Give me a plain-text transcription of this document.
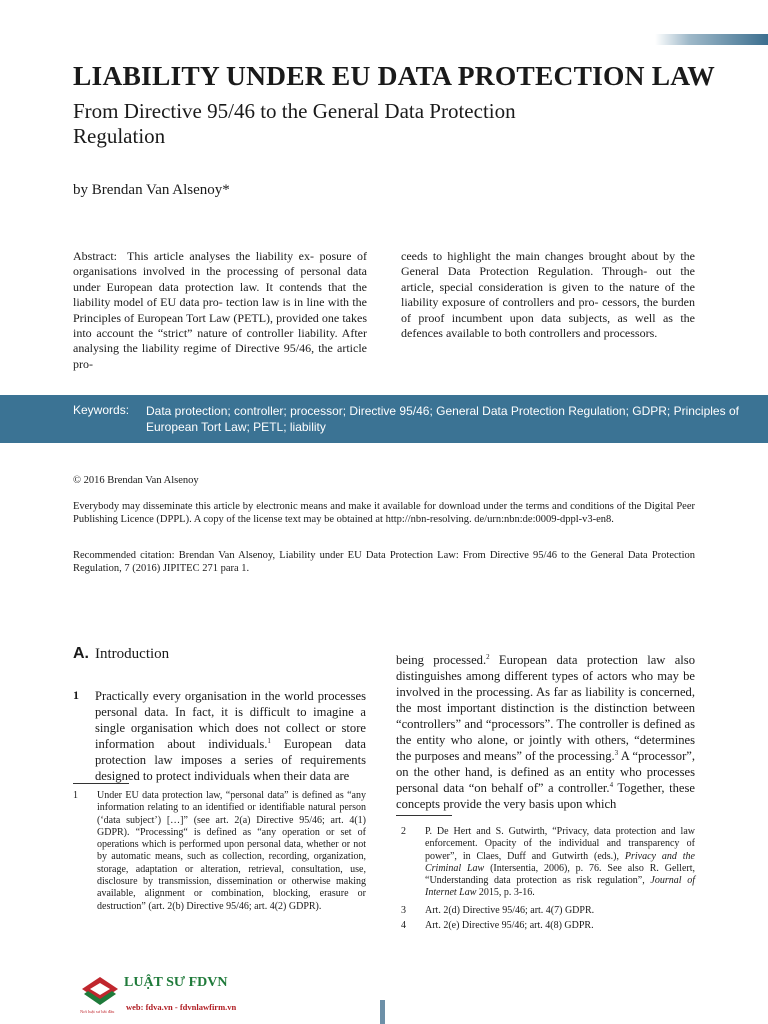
LIABILITY UNDER EU DATA PROTECTION LAW
From Directive 95/46 to the General Data Protection Regulation
by Brendan Van Alsenoy*
Abstract: This article analyses the liability ex- posure of organisations involved in the processing of personal data under European data protection law. It contends that the liability model of EU data pro- tection law is in line with the Principles of European Tort Law (PETL), provided one takes into account the “strict” nature of controller liability. After analysing the liability regime of Directive 95/46, the article pro-
ceeds to highlight the main changes brought about by the General Data Protection Regulation. Through- out the article, special consideration is given to the nature of the liability exposure of controllers and pro- cessors, the burden of proof incumbent upon data subjects, as well as the defences available to both controllers and processors.
Keywords: Data protection; controller; processor; Directive 95/46; General Data Protection Regulation; GDPR; Principles of European Tort Law; PETL; liability
© 2016 Brendan Van Alsenoy
Everybody may disseminate this article by electronic means and make it available for download under the terms and conditions of the Digital Peer Publishing Licence (DPPL). A copy of the license text may be obtained at http://nbn-resolving. de/urn:nbn:de:0009-dppl-v3-en8.
Recommended citation: Brendan Van Alsenoy, Liability under EU Data Protection Law: From Directive 95/46 to the General Data Protection Regulation, 7 (2016) JIPITEC 271 para 1.
A. Introduction
1 Practically every organisation in the world processes personal data. In fact, it is difficult to imagine a single organisation which does not collect or store information about individuals.$^1$ European data protection law imposes a series of requirements designed to protect individuals when their data are
being processed.$^2$ European data protection law also distinguishes among different types of actors who may be involved in the processing. As far as liability is concerned, the most important distinction is the distinction between “controllers” and “processors”. The controller is defined as the entity who alone, or jointly with others, “determines the purposes and means” of the processing.$^3$ A “processor”, on the other hand, is defined as an entity who processes personal data “on behalf of” a controller.$^4$ Together, these concepts provide the very basis upon which
1 Under EU data protection law, “personal data” is defined as “any information relating to an identified or identifiable natural person (‘data subject’) […]” (see art. 2(a) Directive 95/46; art. 4(1) GDPR). “Processing“ is defined as “any operation or set of operations which is performed upon personal data, whether or not by automatic means, such as collection, recording, organization, storage, adaptation or alteration, retrieval, consultation, use, disclosure by transmission, dissemination or otherwise making available, alignment or combination, blocking, erasure or destruction” (art. 2(b) Directive 95/46; art. 4(2) GDPR).
2 P. De Hert and S. Gutwirth, “Privacy, data protection and law enforcement. Opacity of the individual and transparency of power”, in Claes, Duff and Gutwirth (eds.), Privacy and the Criminal Law (Intersentia, 2006), p. 76. See also R. Gellert, “Understanding data protection as risk regulation”, Journal of Internet Law 2015, p. 3-16.
3 Art. 2(d) Directive 95/46; art. 4(7) GDPR.
4 Art. 2(e) Directive 95/46; art. 4(8) GDPR.
LUẬT SƯ FDVN
Nơi luật sư bắt đầu web: fdva.vn - fdvnlawfirm.vn
